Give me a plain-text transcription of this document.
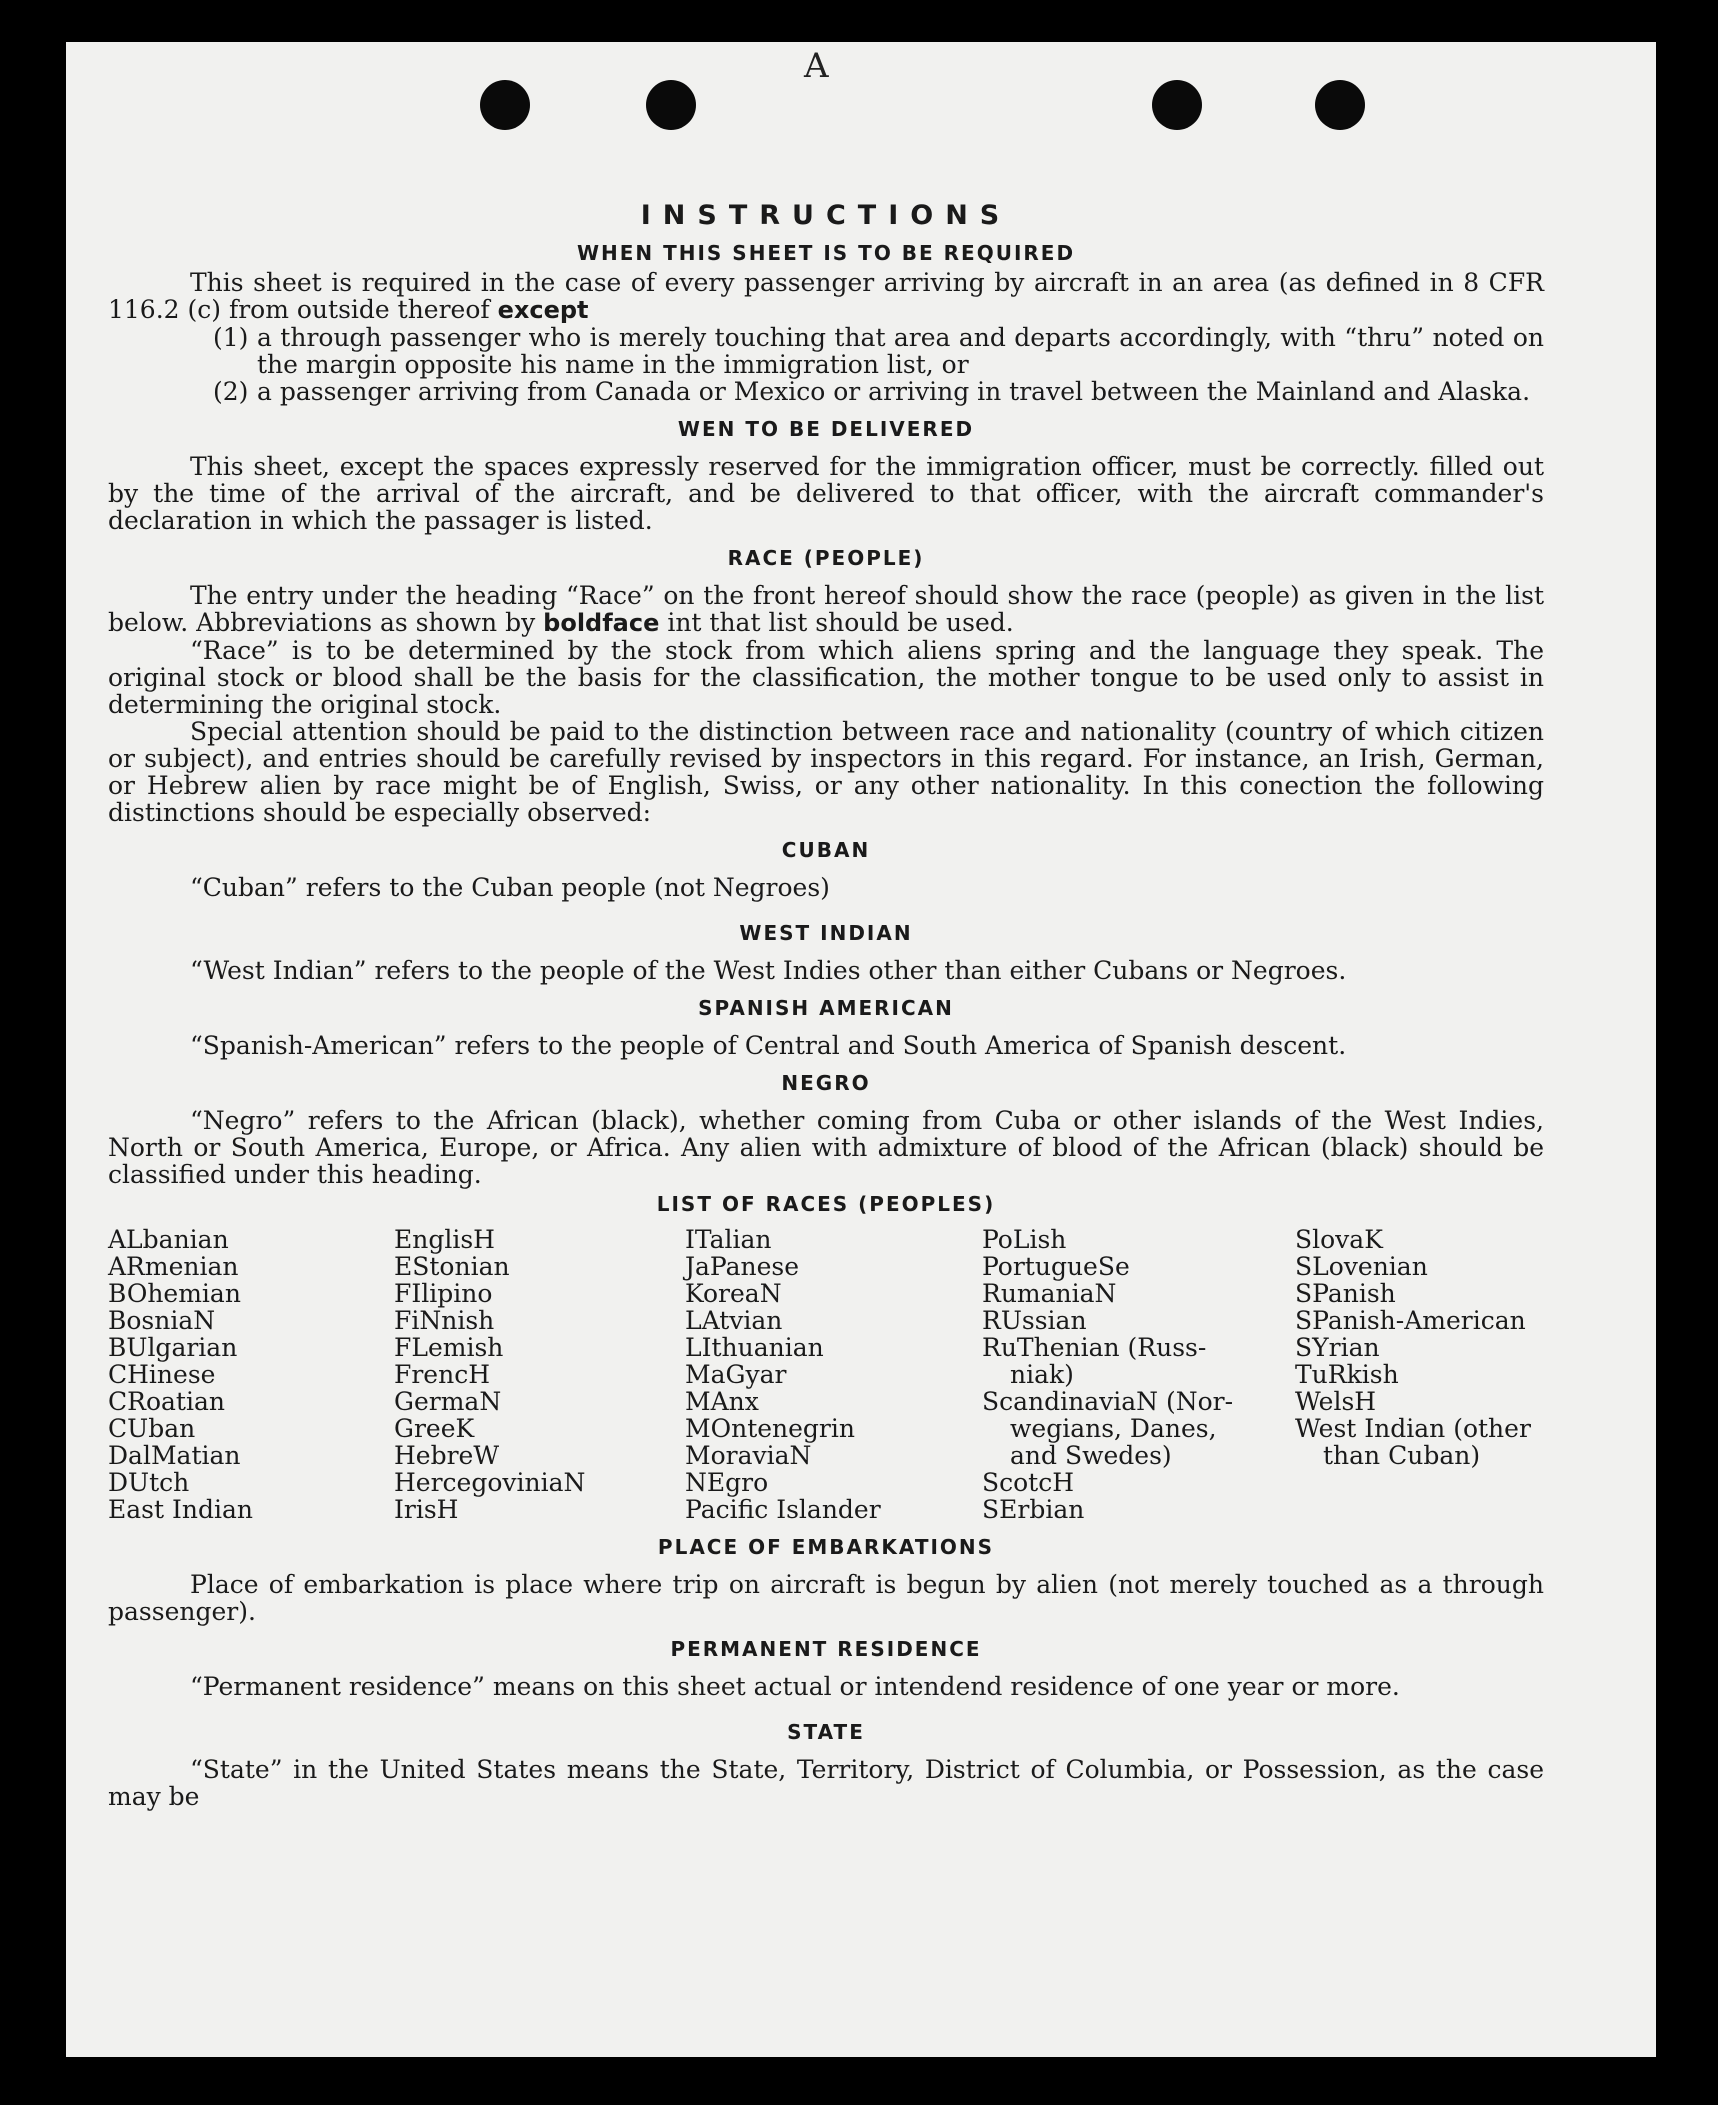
A
INSTRUCTIONS
WHEN THIS SHEET IS TO BE REQUIRED

This sheet is required in the case of every passenger arriving by aircraft in an area (as defined in 8 CFR 116.2 (c) from outside thereof except

(1) a through passenger who is merely touching that area and departs accordingly, with “thru” noted on the margin opposite his name in the immigration list, or
(2) a passenger arriving from Canada or Mexico or arriving in travel between the Mainland and Alaska.
WEN TO BE DELIVERED

This sheet, except the spaces expressly reserved for the immigration officer, must be correctly. filled out by the time of the arrival of the aircraft, and be delivered to that officer, with the aircraft commander's declaration in which the passager is listed.

RACE (PEOPLE)

The entry under the heading “Race” on the front hereof should show the race (people) as given in the list below. Abbreviations as shown by boldface int that list should be used.

“Race” is to be determined by the stock from which aliens spring and the language they speak. The original stock or blood shall be the basis for the classification, the mother tongue to be used only to assist in determining the original stock.

Special attention should be paid to the distinction between race and nationality (country of which citizen or subject), and entries should be carefully revised by inspectors in this regard. For instance, an Irish, German, or Hebrew alien by race might be of English, Swiss, or any other nationality. In this conection the following distinctions should be especially observed:

CUBAN

“Cuban” refers to the Cuban people (not Negroes)

WEST INDIAN

“West Indian” refers to the people of the West Indies other than either Cubans or Negroes.

SPANISH AMERICAN

“Spanish-American” refers to the people of Central and South America of Spanish descent.

NEGRO

“Negro” refers to the African (black), whether coming from Cuba or other islands of the West Indies, North or South America, Europe, or Africa. Any alien with admixture of blood of the African (black) should be classified under this heading.

LIST OF RACES (PEOPLES)
ALbanian
ARmenian
BOhemian
BosniaN
BUlgarian
CHinese
CRoatian
CUban
DalMatian
DUtch
East Indian
EnglisH
EStonian
FIlipino
FiNnish
FLemish
FrencH
GermaN
GreeK
HebreW
HercegoviniaN
IrisH
ITalian
JaPanese
KoreaN
LAtvian
LIthuanian
MaGyar
MAnx
MOntenegrin
MoraviaN
NEgro
Pacific Islander
PoLish
PortugueSe
RumaniaN
RUssian
RuThenian (Russ-
niak)
ScandinaviaN (Nor-
wegians, Danes,
and Swedes)
ScotcH
SErbian
SlovaK
SLovenian
SPanish
SPanish-American
SYrian
TuRkish
WelsH
West Indian (other
than Cuban)
PLACE OF EMBARKATIONS

Place of embarkation is place where trip on aircraft is begun by alien (not merely touched as a through passenger).

PERMANENT RESIDENCE

“Permanent residence” means on this sheet actual or intendend residence of one year or more.

STATE

“State” in the United States means the State, Territory, District of Columbia, or Possession, as the case may be
